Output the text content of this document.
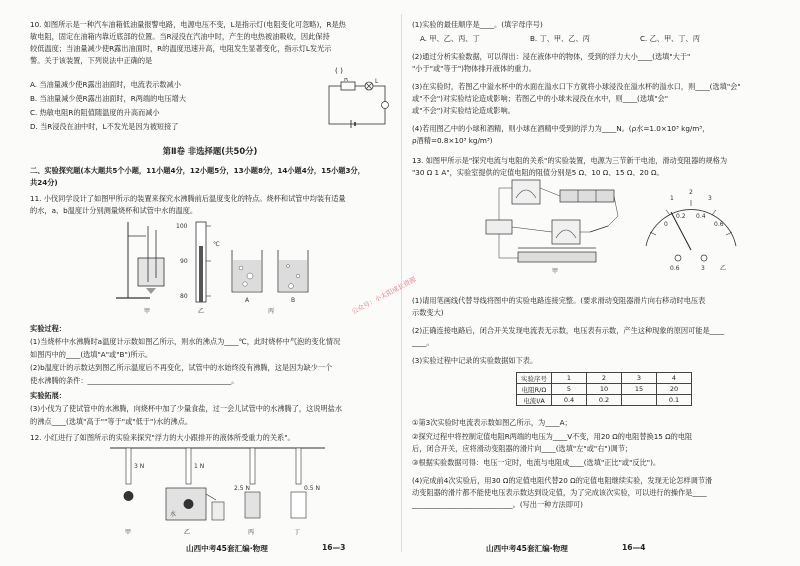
10. 如图所示是一种汽车油箱低油量报警电路，电源电压不变，L是指示灯(电阻变化可忽略)，R是热
敏电阻，固定在油箱内靠近底部的位置。当R浸没在汽油中时，产生的电热被油吸收，因此保持
较低温度；当油量减少使R露出油面时，R的温度迅速升高，电阻发生显著变化，指示灯L发光示
警。关于该装置，下列说法中正确的是
( )
A. 当油量减少使R露出油面时，电流表示数减小
B. 当油量减少使R露出油面时，R两端的电压增大
C. 热敏电阻R的阻值随温度的升高而减小
D. 当R浸没在油中时，L不发光是因为被短接了
R	L
第Ⅱ卷 非选择题(共50分)
二、实验探究题(本大题共5个小题，11小题4分，12小题5分，13小题8分，14小题4分，15小题3分，
共24分)
11. 小伐同学设计了如图甲所示的装置来探究水沸腾前后温度变化的特点。烧杯和试管中均装有适量
的水，a、b温度计分别测量烧杯和试管中水的温度。
100
90
℃
80
A	B
甲	乙	丙
实验过程：
(1)当烧杯中水沸腾时a温度计示数如图乙所示，则水的沸点为____℃，此时烧杯中气泡的变化情况
如图丙中的____(选填"A"或"B")所示。
(2)b温度计的示数达到图乙所示温度后不再变化，试管中的水始终没有沸腾，这是因为缺少一个
使水沸腾的条件：________________________________________。
实验拓展：
(3)小伐为了使试管中的水沸腾，向烧杯中加了少量食盐，过一会儿试管中的水沸腾了，这说明盐水
的沸点____(选填"高于""等于"或"低于")水的沸点。
12. 小红进行了如图所示的实验来探究"浮力的大小跟排开的液体所受重力的关系"。
3 N	1 N
水
2.5 N	0.5 N
甲	乙	丙	丁
山西中考45套汇编·物理	16—3
(1)实验的最佳顺序是____。(填字母序号)
A. 甲、乙、丙、丁	B. 丁、甲、乙、丙	C. 乙、甲、丁、丙
(2)通过分析实验数据，可以得出：浸在液体中的物体，受到的浮力大小____(选填"大于"
"小于"或"等于")物体排开液体的重力。
(3)在实验时，若图乙中溢水杯中的水面在溢水口下方就将小球浸没在溢水杯的溢水口，则____(选填"会"
或"不会")对实验结论造成影响；若图乙中的小球未浸没在水中，则____(选填"会"
或"不会")对实验结论造成影响。
(4)若用图乙中的小球和酒精，则小球在酒精中受到的浮力为____N。(ρ水=1.0×10³ kg/m³，
ρ酒精=0.8×10³ kg/m³)
13. 如图甲所示是"探究电流与电阻的关系"的实验装置，电源为三节新干电池，滑动变阻器的规格为
"30 Ω 1 A"，实验室提供的定值电阻的阻值分别是5 Ω、10 Ω、15 Ω、20 Ω。
甲
0
0.2 0.4
0.6
1
2
3
0.6	3	乙
公众号：小太阳成长资源
(1)请用笔画线代替导线将图中的实验电路连接完整。(要求滑动变阻器滑片向右移动时电压表
示数变大)
(2)正确连接电路后，闭合开关发现电流表无示数，电压表有示数，产生这种现象的原因可能是____
____。
(3)实验过程中记录的实验数据如下表。
实验序号	1	2	3	4
电阻R/Ω	5	10	15	20
电流I/A	0.4	0.2		0.1
①第3次实验时电流表示数如图乙所示，为____A；
②探究过程中将控制定值电阻R两端的电压为____V不变，用20 Ω的电阻替换15 Ω的电阻
后，闭合开关，应将滑动变阻器的滑片向____(选填"左"或"右")调节；
③根据实验数据可得：电压一定时，电流与电阻成____(选填"正比"或"反比")。
(4)完成前4次实验后，用30 Ω的定值电阻代替20 Ω的定值电阻继续实验，发现无论怎样调节滑
动变阻器的滑片都不能使电压表示数达到设定值，为了完成该次实验，可以进行的操作是____
____________________________。(写出一种方法即可)
山西中考45套汇编·物理	16—4
